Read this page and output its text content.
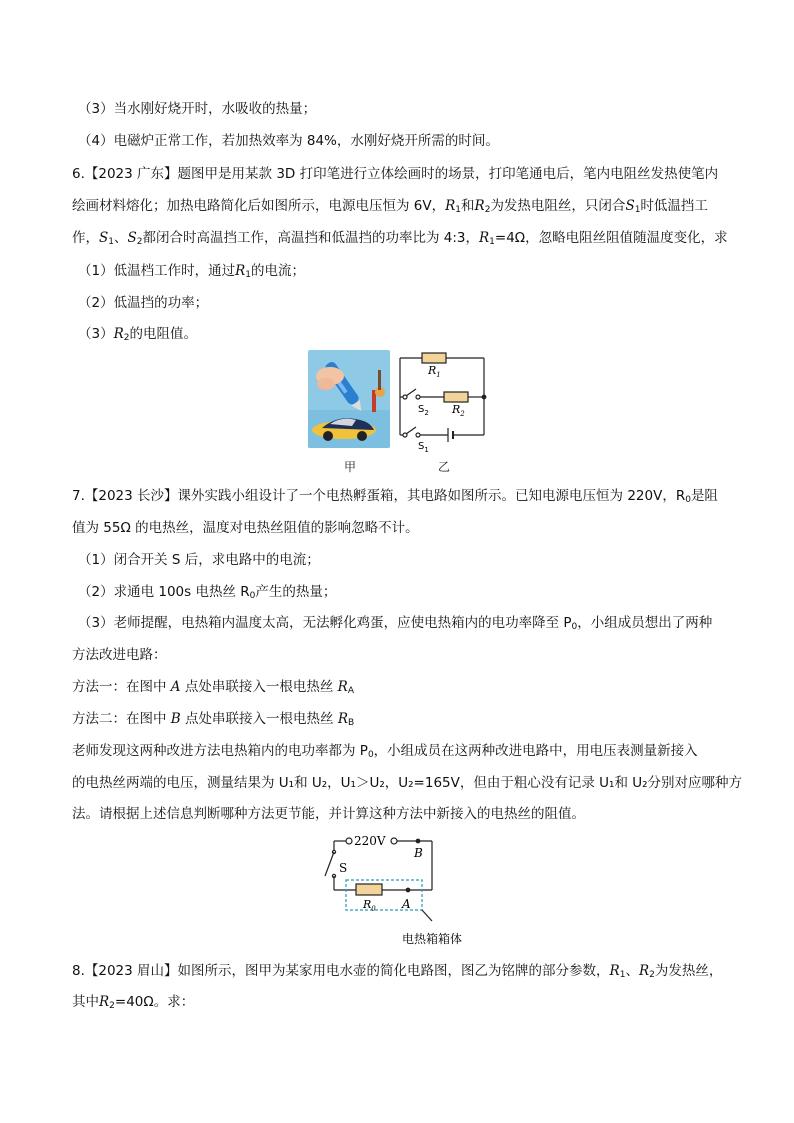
（3）当水刚好烧开时，水吸收的热量；
（4）电磁炉正常工作，若加热效率为 84%，水刚好烧开所需的时间。
6.【2023 广东】题图甲是用某款 3D 打印笔进行立体绘画时的场景，打印笔通电后，笔内电阻丝发热使笔内
绘画材料熔化；加热电路简化后如图所示，电源电压恒为 6V，$R_1$和$R_2$为发热电阻丝，只闭合$S_1$时低温挡工
作，$S_1$、$S_2$都闭合时高温挡工作，高温挡和低温挡的功率比为 4:3，$R_1=4\Omega$，忽略电阻丝阻值随温度变化，求
（1）低温档工作时，通过$R_1$的电流；
（2）低温挡的功率；
$(3)R_2$的电阻值。
甲
$R_1$
$R_2$
$S_2$
$S_1$
乙
7.【2023 长沙】课外实践小组设计了一个电热孵蛋箱，其电路如图所示。已知电源电压恒为 220V，$R_0$是阻
值为 55Ω 的电热丝，温度对电热丝阻值的影响忽略不计。
（1）闭合开关 S 后，求电路中的电流；
（2）求通电 100s 电热丝 $R_0$产生的热量；
（3）老师提醒，电热箱内温度太高，无法孵化鸡蛋，应使电热箱内的电功率降至 $P_0$，小组成员想出了两种
方法改进电路：
方法一：在图中 A 点处串联接入一根电热丝 $R_A$
方法二：在图中 B 点处串联接入一根电热丝 $R_B$
老师发现这两种改进方法电热箱内的电功率都为 $P_0$，小组成员在这两种改进电路中，用电压表测量新接入
的电热丝两端的电压，测量结果为 U₁和 U₂，U₁＞U₂，U₂=165V，但由于粗心没有记录 U₁和 U₂分别对应哪种方
法。请根据上述信息判断哪种方法更节能，并计算这种方法中新接入的电热丝的阻值。
220V
B
S
$R_0$ A
电热箱箱体
8.【2023 眉山】如图所示，图甲为某家用电水壶的简化电路图，图乙为铭牌的部分参数，$R_1$、$R_2$为发热丝，
其中$R_2=40\Omega$。求：
